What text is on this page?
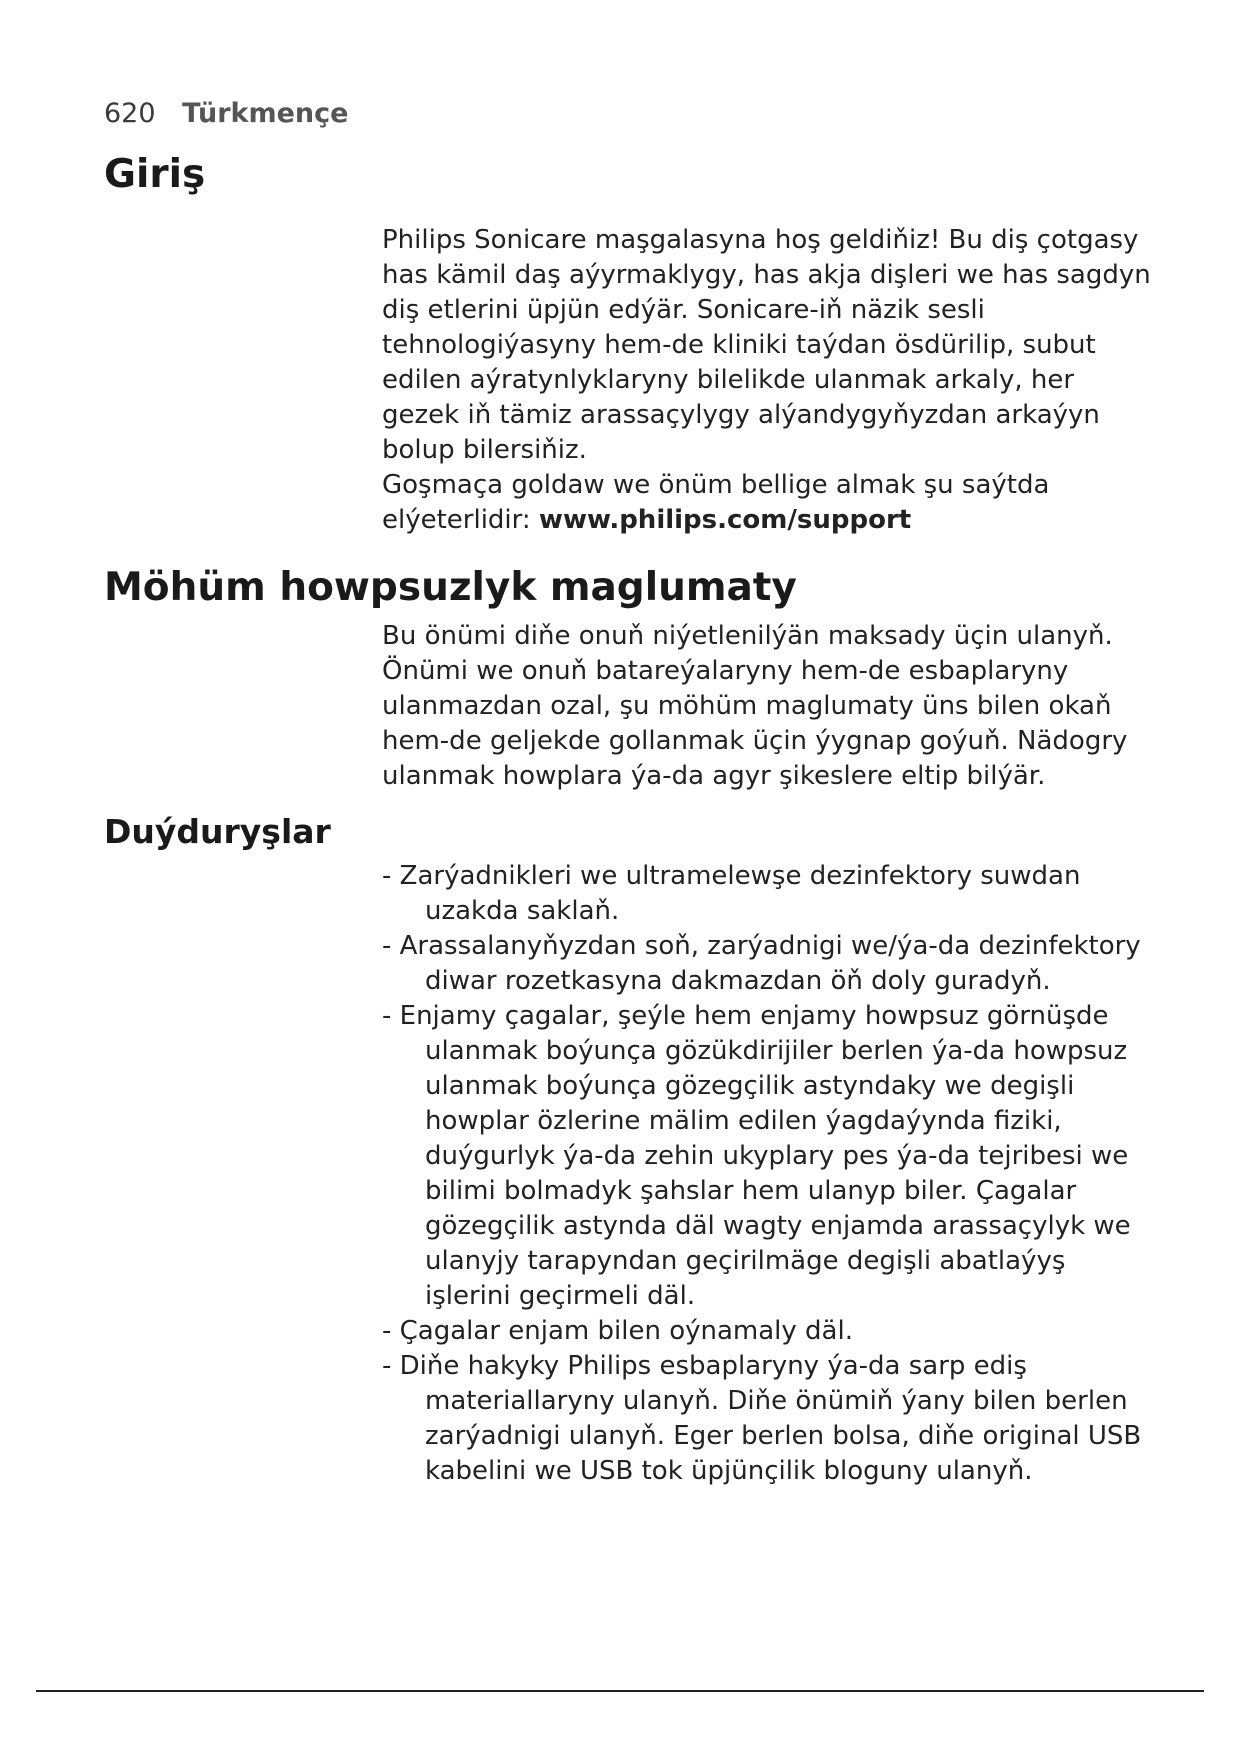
620 Türkmençe
Giriş

Philips Sonicare maşgalasyna hoş geldiňiz! Bu diş çotgasy has kämil daş aýyrmaklygy, has akja dişleri we has sagdyn diş etlerini üpjün edýär. Sonicare-iň näzik sesli tehnologiýasyny hem-de kliniki taýdan ösdürilip, subut edilen aýratynlyklaryny bilelikde ulanmak arkaly, her gezek iň tämiz arassaçylygy alýandygyňyzdan arkaýyn bolup bilersiňiz.

Goşmaça goldaw we önüm bellige almak şu saýtda elýeterlidir: www.philips.com/support

Möhüm howpsuzlyk maglumaty

Bu önümi diňe onuň niýetlenilýän maksady üçin ulanyň. Önümi we onuň batareýalaryny hem-de esbaplaryny ulanmazdan ozal, şu möhüm maglumaty üns bilen okaň hem-de geljekde gollanmak üçin ýygnap goýuň. Nädogry ulanmak howplara ýa-da agyr şikeslere eltip bilýär.

Duýduryşlar
- Zarýadnikleri we ultramelewşe dezinfektory suwdan uzakda saklaň.
- Arassalanyňyzdan soň, zarýadnigi we/ýa-da dezinfektory diwar rozetkasyna dakmazdan öň doly guradyň.
- Enjamy çagalar, şeýle hem enjamy howpsuz görnüşde ulanmak boýunça gözükdirijiler berlen ýa-da howpsuz ulanmak boýunça gözegçilik astyndaky we degişli howplar özlerine mälim edilen ýagdaýynda fiziki, duýgurlyk ýa-da zehin ukyplary pes ýa-da tejribesi we bilimi bolmadyk şahslar hem ulanyp biler. Çagalar gözegçilik astynda däl wagty enjamda arassaçylyk we ulanyjy tarapyndan geçirilmäge degişli abatlaýyş işlerini geçirmeli däl.
- Çagalar enjam bilen oýnamaly däl.
- Diňe hakyky Philips esbaplaryny ýa-da sarp ediş materiallaryny ulanyň. Diňe önümiň ýany bilen berlen zarýadnigi ulanyň. Eger berlen bolsa, diňe original USB kabelini we USB tok üpjünçilik bloguny ulanyň.
